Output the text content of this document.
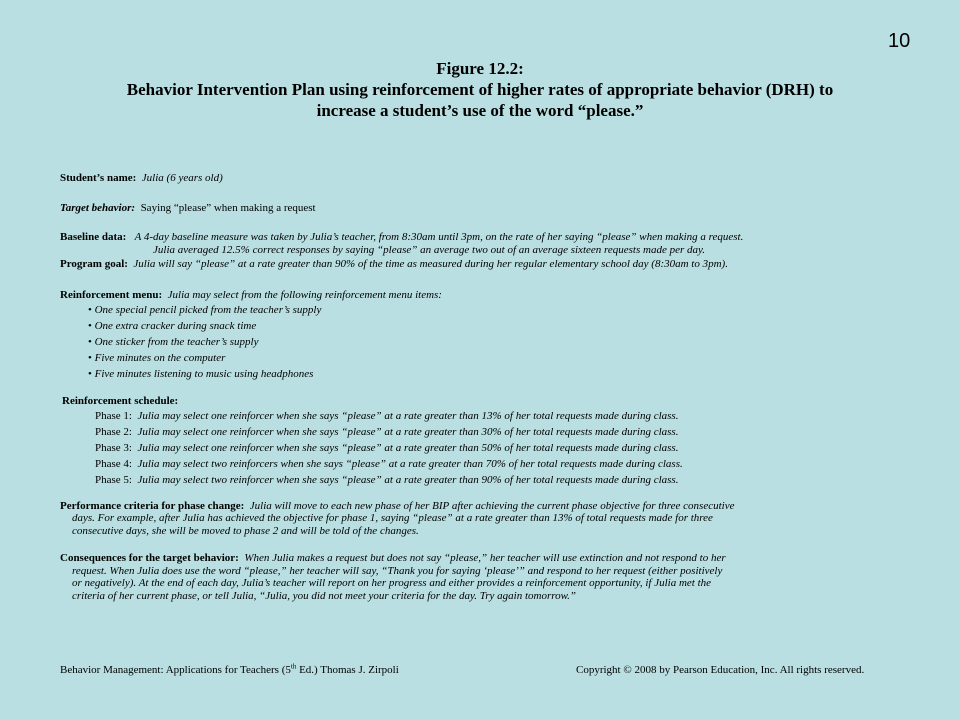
10
Figure 12.2:
Behavior Intervention Plan using reinforcement of higher rates of appropriate behavior (DRH) to
increase a student’s use of the word “please.”
Student’s name: Julia (6 years old)
Target behavior: Saying “please” when making a request
Baseline data: A 4-day baseline measure was taken by Julia’s teacher, from 8:30am until 3pm, on the rate of her saying “please” when making a request.
Julia averaged 12.5% correct responses by saying “please” an average two out of an average sixteen requests made per day.
Program goal: Julia will say “please” at a rate greater than 90% of the time as measured during her regular elementary school day (8:30am to 3pm).
Reinforcement menu: Julia may select from the following reinforcement menu items:
• One special pencil picked from the teacher’s supply
• One extra cracker during snack time
• One sticker from the teacher’s supply
• Five minutes on the computer
• Five minutes listening to music using headphones
Reinforcement schedule:
Phase 1: Julia may select one reinforcer when she says “please” at a rate greater than 13% of her total requests made during class.
Phase 2: Julia may select one reinforcer when she says “please” at a rate greater than 30% of her total requests made during class.
Phase 3: Julia may select one reinforcer when she says “please” at a rate greater than 50% of her total requests made during class.
Phase 4: Julia may select two reinforcers when she says “please” at a rate greater than 70% of her total requests made during class.
Phase 5: Julia may select two reinforcer when she says “please” at a rate greater than 90% of her total requests made during class.
Performance criteria for phase change: Julia will move to each new phase of her BIP after achieving the current phase objective for three consecutive
days. For example, after Julia has achieved the objective for phase 1, saying “please” at a rate greater than 13% of total requests made for three
consecutive days, she will be moved to phase 2 and will be told of the changes.
Consequences for the target behavior: When Julia makes a request but does not say “please,” her teacher will use extinction and not respond to her
request. When Julia does use the word “please,” her teacher will say, “Thank you for saying ‘please’” and respond to her request (either positively
or negatively). At the end of each day, Julia’s teacher will report on her progress and either provides a reinforcement opportunity, if Julia met the
criteria of her current phase, or tell Julia, “Julia, you did not meet your criteria for the day. Try again tomorrow.”
Behavior Management: Applications for Teachers (5th Ed.) Thomas J. Zirpoli	Copyright © 2008 by Pearson Education, Inc. All rights reserved.
